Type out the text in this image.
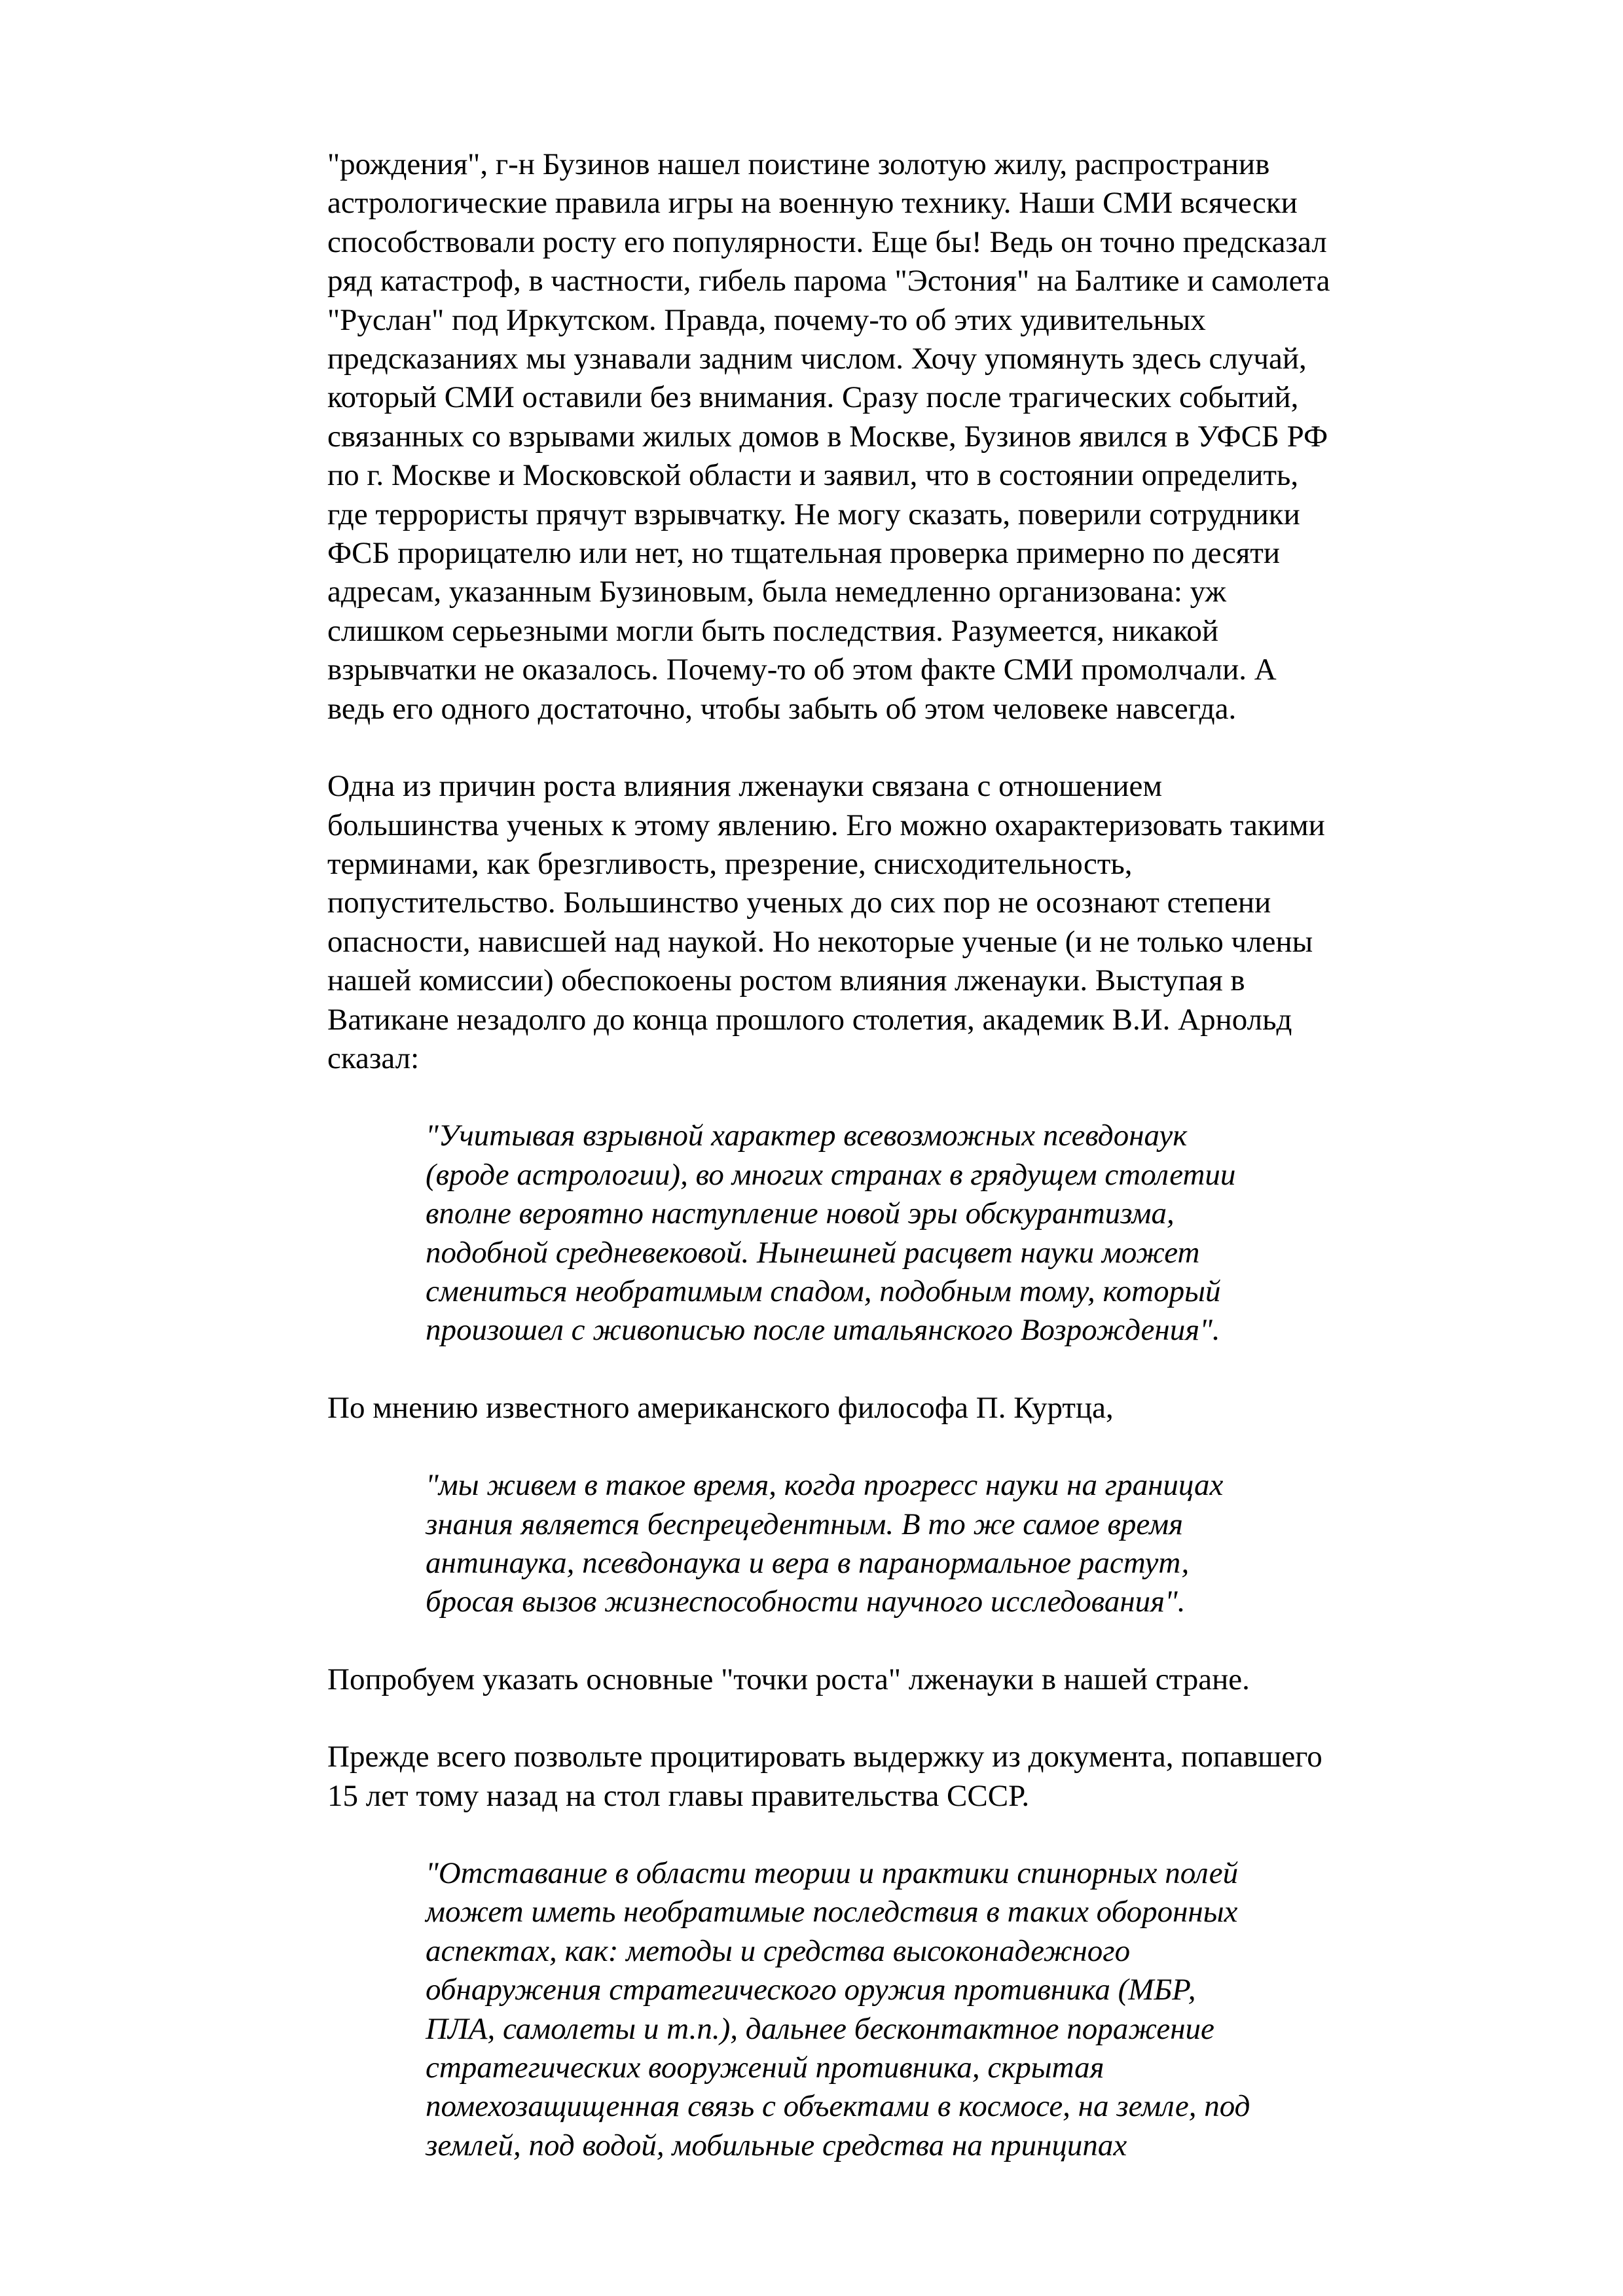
"рождения", г-н Бузинов нашел поистине золотую жилу, распространив
астрологические правила игры на военную технику. Наши СМИ всячески
способствовали росту его популярности. Еще бы! Ведь он точно предсказал
ряд катастроф, в частности, гибель парома "Эстония" на Балтике и самолета
"Руслан" под Иркутском. Правда, почему-то об этих удивительных
предсказаниях мы узнавали задним числом. Хочу упомянуть здесь случай,
который СМИ оставили без внимания. Сразу после трагических событий,
связанных со взрывами жилых домов в Москве, Бузинов явился в УФСБ РФ
по г. Москве и Московской области и заявил, что в состоянии определить,
где террористы прячут взрывчатку. Не могу сказать, поверили сотрудники
ФСБ прорицателю или нет, но тщательная проверка примерно по десяти
адресам, указанным Бузиновым, была немедленно организована: уж
слишком серьезными могли быть последствия. Разумеется, никакой
взрывчатки не оказалось. Почему-то об этом факте СМИ промолчали. А
ведь его одного достаточно, чтобы забыть об этом человеке навсегда.
Одна из причин роста влияния лженауки связана с отношением
большинства ученых к этому явлению. Его можно охарактеризовать такими
терминами, как брезгливость, презрение, снисходительность,
попустительство. Большинство ученых до сих пор не осознают степени
опасности, нависшей над наукой. Но некоторые ученые (и не только члены
нашей комиссии) обеспокоены ростом влияния лженауки. Выступая в
Ватикане незадолго до конца прошлого столетия, академик В.И. Арнольд
сказал:
"Учитывая взрывной характер всевозможных псевдонаук
(вроде астрологии), во многих странах в грядущем столетии
вполне вероятно наступление новой эры обскурантизма,
подобной средневековой. Нынешней расцвет науки может
смениться необратимым спадом, подобным тому, который
произошел с живописью после итальянского Возрождения".
По мнению известного американского философа П. Куртца,
"мы живем в такое время, когда прогресс науки на границах
знания является беспрецедентным. В то же самое время
антинаука, псевдонаука и вера в паранормальное растут,
бросая вызов жизнеспособности научного исследования".
Попробуем указать основные "точки роста" лженауки в нашей стране.
Прежде всего позвольте процитировать выдержку из документа, попавшего
15 лет тому назад на стол главы правительства СССР.
"Отставание в области теории и практики спинорных полей
может иметь необратимые последствия в таких оборонных
аспектах, как: методы и средства высоконадежного
обнаружения стратегического оружия противника (МБР,
ПЛА, самолеты и т.п.), дальнее бесконтактное поражение
стратегических вооружений противника, скрытая
помехозащищенная связь с объектами в космосе, на земле, под
землей, под водой, мобильные средства на принципах
